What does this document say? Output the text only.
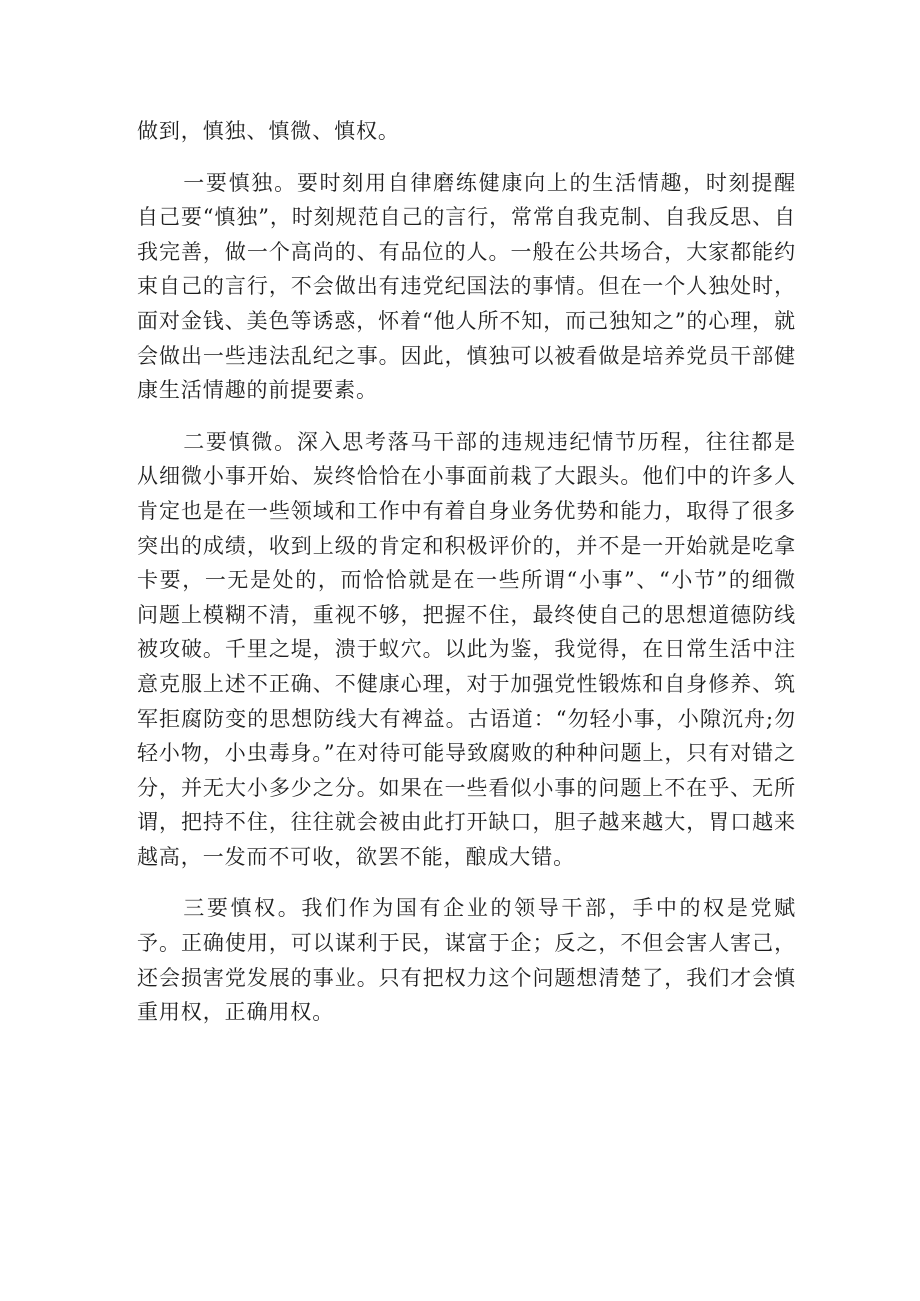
做到，慎独、慎微、慎权。

一要慎独。要时刻用自律磨练健康向上的生活情趣，时刻提醒自己要“慎独”，时刻规范自己的言行，常常自我克制、自我反思、自我完善，做一个高尚的、有品位的人。一般在公共场合，大家都能约束自己的言行，不会做出有违党纪国法的事情。但在一个人独处时，面对金钱、美色等诱惑，怀着“他人所不知，而己独知之”的心理，就会做出一些违法乱纪之事。因此，慎独可以被看做是培养党员干部健康生活情趣的前提要素。

二要慎微。深入思考落马干部的违规违纪情节历程，往往都是从细微小事开始、炭终恰恰在小事面前栽了大跟头。他们中的许多人肯定也是在一些领域和工作中有着自身业务优势和能力，取得了很多突出的成绩，收到上级的肯定和积极评价的，并不是一开始就是吃拿卡要，一无是处的，而恰恰就是在一些所谓“小事”、“小节”的细微问题上模糊不清，重视不够，把握不住，最终使自己的思想道德防线被攻破。千里之堤，溃于蚁穴。以此为鉴，我觉得，在日常生活中注意克服上述不正确、不健康心理，对于加强党性锻炼和自身修养、筑军拒腐防变的思想防线大有裨益。古语道：“勿轻小事，小隙沉舟;勿轻小物，小虫毒身。”在对待可能导致腐败的种种问题上，只有对错之分，并无大小多少之分。如果在一些看似小事的问题上不在乎、无所谓，把持不住，往往就会被由此打开缺口，胆子越来越大，胃口越来越高，一发而不可收，欲罢不能，酿成大错。

三要慎权。我们作为国有企业的领导干部，手中的权是党赋予。正确使用，可以谋利于民，谋富于企；反之，不但会害人害己，还会损害党发展的事业。只有把权力这个问题想清楚了，我们才会慎重用权，正确用权。
